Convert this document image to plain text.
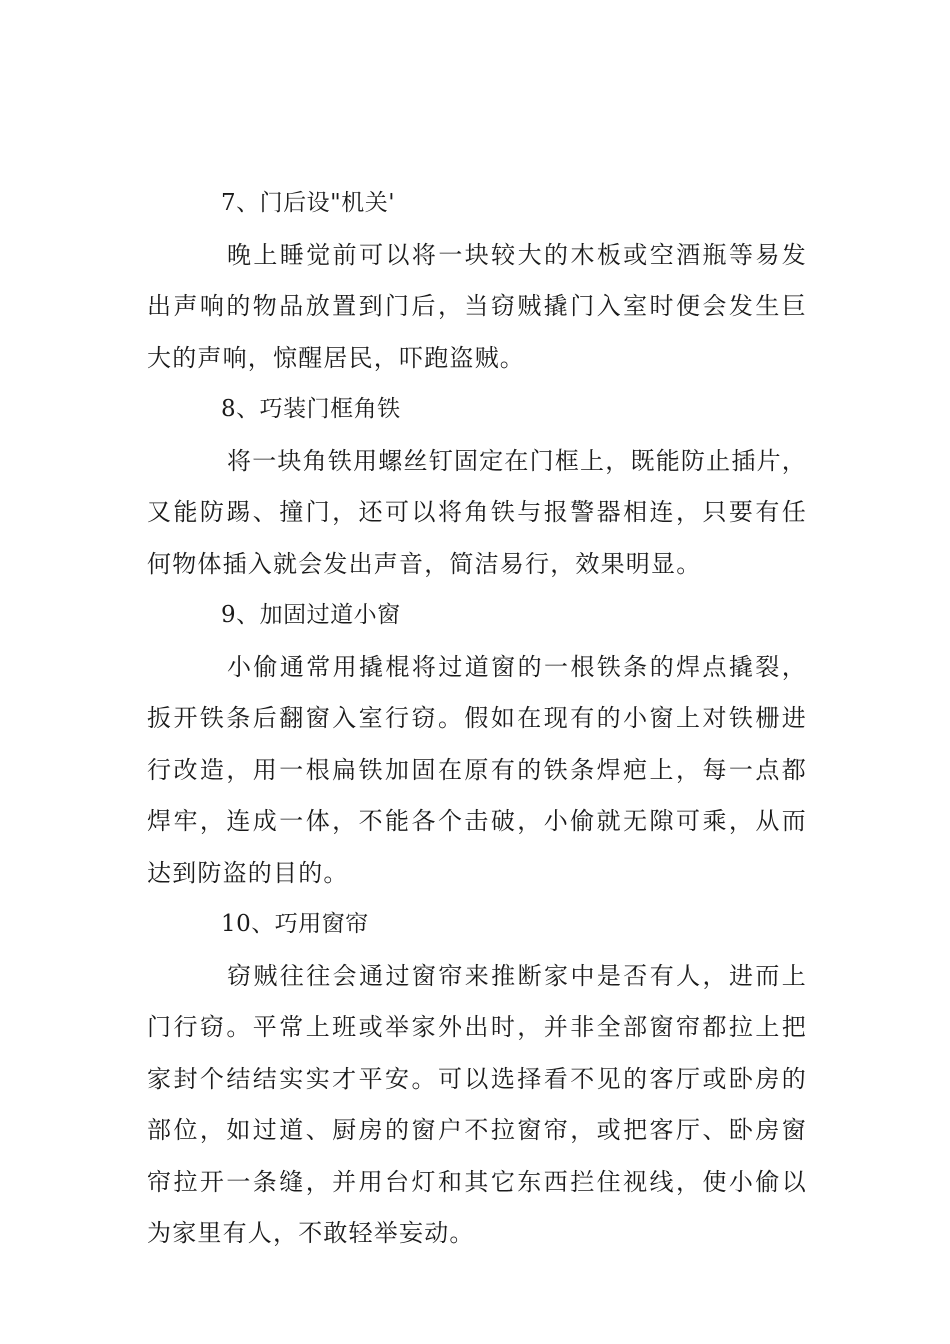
7、门后设"机关'
晚上睡觉前可以将一块较大的木板或空酒瓶等易发
出声响的物品放置到门后，当窃贼撬门入室时便会发生巨
大的声响，惊醒居民，吓跑盗贼。
8、巧装门框角铁
将一块角铁用螺丝钉固定在门框上，既能防止插片，
又能防踢、撞门，还可以将角铁与报警器相连，只要有任
何物体插入就会发出声音，简洁易行，效果明显。
9、加固过道小窗
小偷通常用撬棍将过道窗的一根铁条的焊点撬裂，
扳开铁条后翻窗入室行窃。假如在现有的小窗上对铁栅进
行改造，用一根扁铁加固在原有的铁条焊疤上，每一点都
焊牢，连成一体，不能各个击破，小偷就无隙可乘，从而
达到防盗的目的。
10、巧用窗帘
窃贼往往会通过窗帘来推断家中是否有人，进而上
门行窃。平常上班或举家外出时，并非全部窗帘都拉上把
家封个结结实实才平安。可以选择看不见的客厅或卧房的
部位，如过道、厨房的窗户不拉窗帘，或把客厅、卧房窗
帘拉开一条缝，并用台灯和其它东西拦住视线，使小偷以
为家里有人，不敢轻举妄动。
